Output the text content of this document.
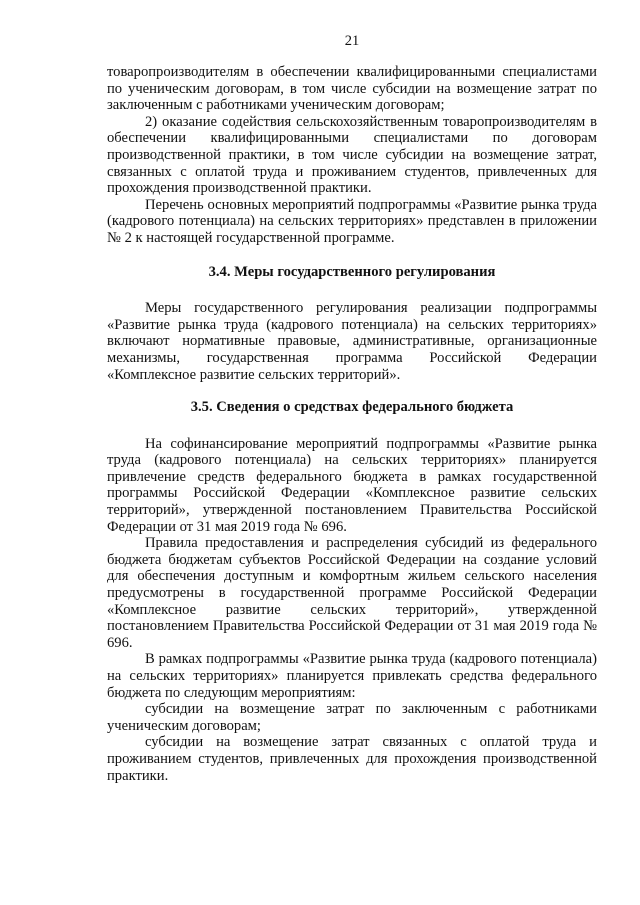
21

товаропроизводителям в обеспечении квалифицированными специалистами по ученическим договорам, в том числе субсидии на возмещение затрат по заключенным с работниками ученическим договорам;

2) оказание содействия сельскохозяйственным товаропроизводителям в обеспечении квалифицированными специалистами по договорам производственной практики, в том числе субсидии на возмещение затрат, связанных с оплатой труда и проживанием студентов, привлеченных для прохождения производственной практики.

Перечень основных мероприятий подпрограммы «Развитие рынка труда (кадрового потенциала) на сельских территориях» представлен в приложении № 2 к настоящей государственной программе.

3.4. Меры государственного регулирования

Меры государственного регулирования реализации подпрограммы «Развитие рынка труда (кадрового потенциала) на сельских территориях» включают нормативные правовые, административные, организационные механизмы, государственная программа Российской Федерации «Комплексное развитие сельских территорий».

3.5. Сведения о средствах федерального бюджета

На софинансирование мероприятий подпрограммы «Развитие рынка труда (кадрового потенциала) на сельских территориях» планируется привлечение средств федерального бюджета в рамках государственной программы Российской Федерации «Комплексное развитие сельских территорий», утвержденной постановлением Правительства Российской Федерации от 31 мая 2019 года № 696.

Правила предоставления и распределения субсидий из федерального бюджета бюджетам субъектов Российской Федерации на создание условий для обеспечения доступным и комфортным жильем сельского населения предусмотрены в государственной программе Российской Федерации «Комплексное развитие сельских территорий», утвержденной постановлением Правительства Российской Федерации от 31 мая 2019 года № 696.

В рамках подпрограммы «Развитие рынка труда (кадрового потенциала) на сельских территориях» планируется привлекать средства федерального бюджета по следующим мероприятиям:

субсидии на возмещение затрат по заключенным с работниками ученическим договорам;

субсидии на возмещение затрат связанных с оплатой труда и проживанием студентов, привлеченных для прохождения производственной практики.
